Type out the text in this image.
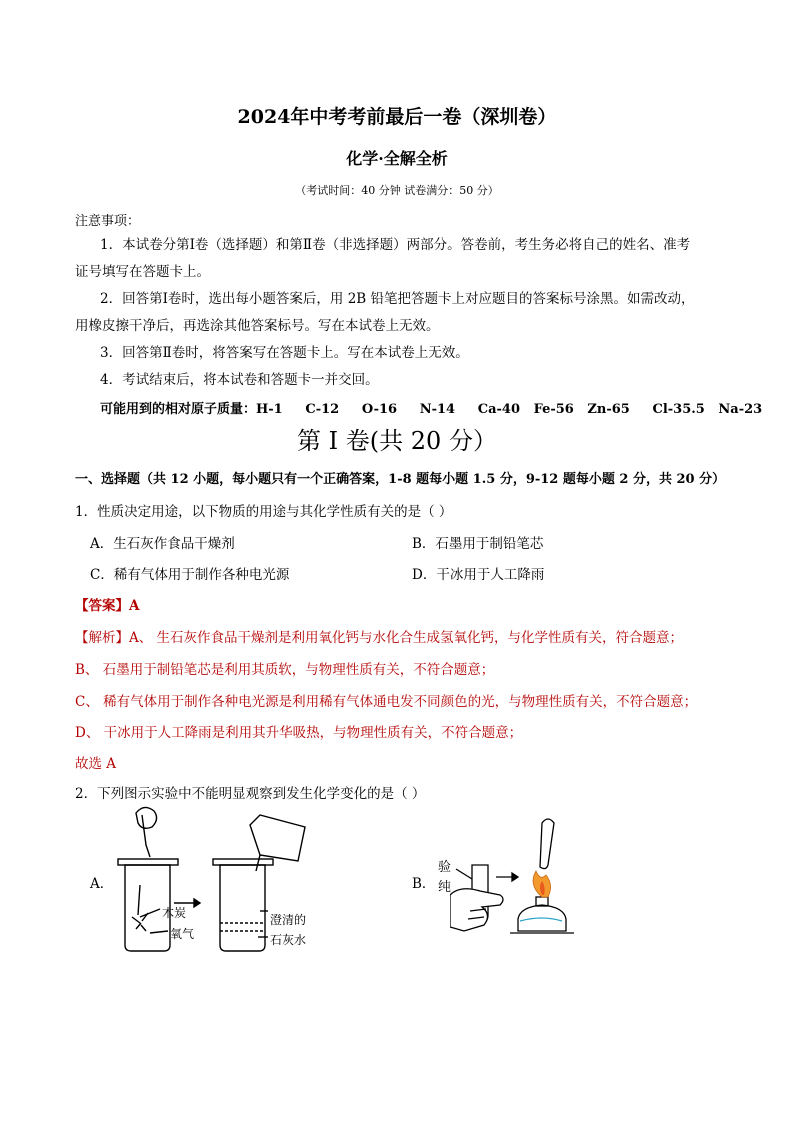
2024年中考考前最后一卷（深圳卷）
化学·全解全析
（考试时间：40 分钟 试卷满分：50 分）
注意事项：
1．本试卷分第Ⅰ卷（选择题）和第Ⅱ卷（非选择题）两部分。答卷前，考生务必将自己的姓名、准考
证号填写在答题卡上。
2．回答第Ⅰ卷时，选出每小题答案后，用 2B 铅笔把答题卡上对应题目的答案标号涂黑。如需改动，
用橡皮擦干净后，再选涂其他答案标号。写在本试卷上无效。
3．回答第Ⅱ卷时，将答案写在答题卡上。写在本试卷上无效。
4．考试结束后，将本试卷和答题卡一并交回。
可能用到的相对原子质量：H-1     C-12     O-16     N-14     Ca-40   Fe-56   Zn-65     Cl-35.5   Na-23
第 I 卷(共 20 分）
一、选择题（共 12 小题，每小题只有一个正确答案，1-8 题每小题 1.5 分，9-12 题每小题 2 分，共 20 分）
1．性质决定用途，以下物质的用途与其化学性质有关的是（ ）
A．生石灰作食品干燥剂	B．石墨用于制铅笔芯
C．稀有气体用于制作各种电光源	D．干冰用于人工降雨
【答案】A
【解析】A、 生石灰作食品干燥剂是利用氧化钙与水化合生成氢氧化钙，与化学性质有关，符合题意；
B、 石墨用于制铅笔芯是利用其质软，与物理性质有关，不符合题意；
C、 稀有气体用于制作各种电光源是利用稀有气体通电发不同颜色的光，与物理性质有关，不符合题意；
D、 干冰用于人工降雨是利用其升华吸热，与物理性质有关，不符合题意；
故选 A
2．下列图示实验中不能明显观察到发生化学变化的是（ ）
A．
木炭
氧气
澄清的
石灰水
B．
验
纯
